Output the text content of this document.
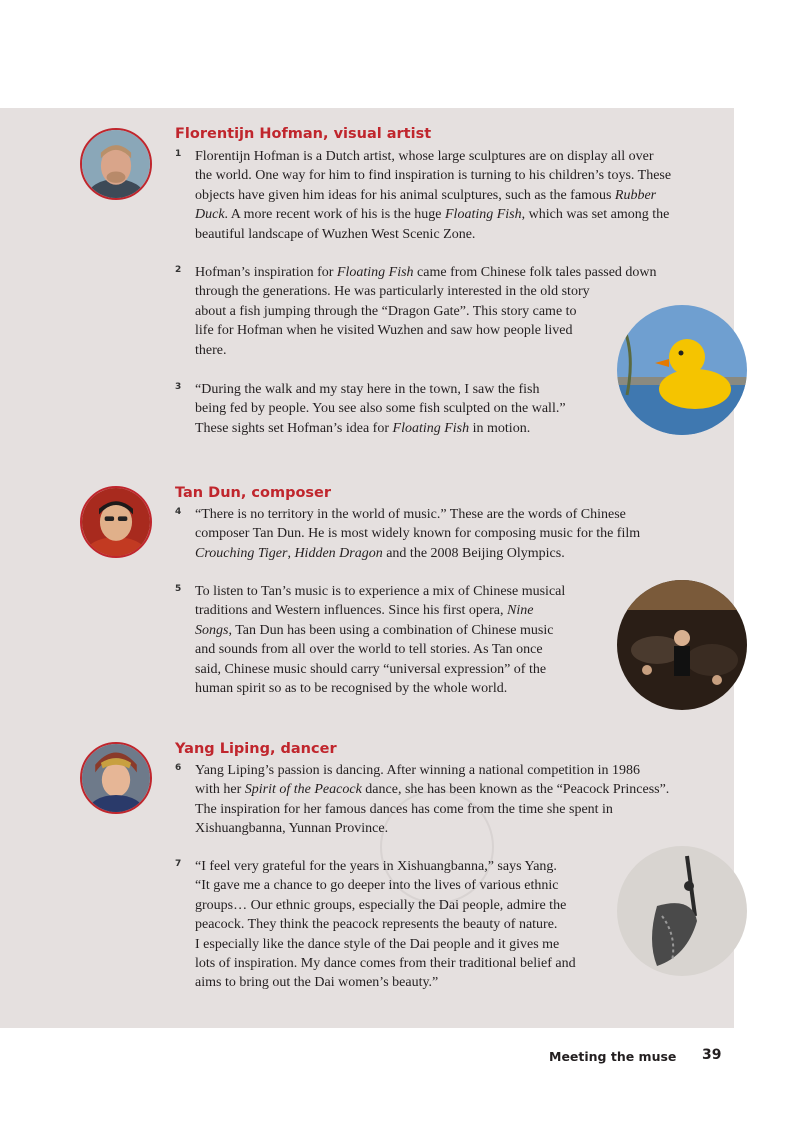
Florentijn Hofman, visual artist
1 Florentijn Hofman is a Dutch artist, whose large sculptures are on display all over
the world. One way for him to find inspiration is turning to his children’s toys. These
objects have given him ideas for his animal sculptures, such as the famous Rubber
Duck. A more recent work of his is the huge Floating Fish, which was set among the
beautiful landscape of Wuzhen West Scenic Zone.
2 Hofman’s inspiration for Floating Fish came from Chinese folk tales passed down
through the generations. He was particularly interested in the old story
about a fish jumping through the “Dragon Gate”. This story came to
life for Hofman when he visited Wuzhen and saw how people lived
there.
3 “During the walk and my stay here in the town, I saw the fish
being fed by people. You see also some fish sculpted on the wall.”
These sights set Hofman’s idea for Floating Fish in motion.
Tan Dun, composer
4 “There is no territory in the world of music.” These are the words of Chinese
composer Tan Dun. He is most widely known for composing music for the film
Crouching Tiger, Hidden Dragon and the 2008 Beijing Olympics.
5 To listen to Tan’s music is to experience a mix of Chinese musical
traditions and Western influences. Since his first opera, Nine
Songs, Tan Dun has been using a combination of Chinese music
and sounds from all over the world to tell stories. As Tan once
said, Chinese music should carry “universal expression” of the
human spirit so as to be recognised by the whole world.
Yang Liping, dancer
6 Yang Liping’s passion is dancing. After winning a national competition in 1986
with her Spirit of the Peacock dance, she has been known as the “Peacock Princess”.
The inspiration for her famous dances has come from the time she spent in
Xishuangbanna, Yunnan Province.
7 “I feel very grateful for the years in Xishuangbanna,” says Yang.
“It gave me a chance to go deeper into the lives of various ethnic
groups… Our ethnic groups, especially the Dai people, admire the
peacock. They think the peacock represents the beauty of nature.
I especially like the dance style of the Dai people and it gives me
lots of inspiration. My dance comes from their traditional belief and
aims to bring out the Dai women’s beauty.”
Meeting the muse 39
